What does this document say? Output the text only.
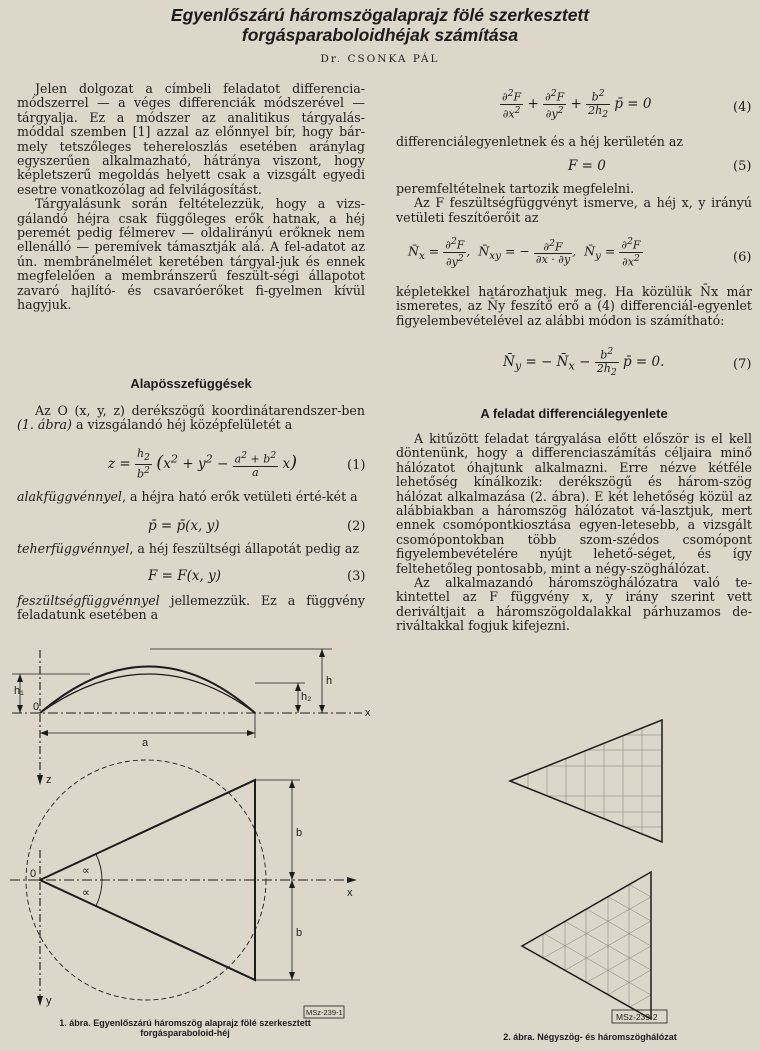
Egyenlőszárú háromszögalaprajz fölé szerkesztett
forgásparaboloidhéjak számítása
Dr. CSONKA PÁL

Jelen dolgozat a címbeli feladatot differencia-módszerrel — a véges differenciák módszerével — tárgyalja. Ez a módszer az analitikus tárgyalás-móddal szemben [1] azzal az előnnyel bír, hogy bár-mely tetszőleges tehereloszlás esetében aránylag egyszerűen alkalmazható, hátránya viszont, hogy képletszerű megoldás helyett csak a vizsgált egyedi esetre vonatkozólag ad felvilágosítást.

Tárgyalásunk során feltételezzük, hogy a vizs-gálandó héjra csak függőleges erők hatnak, a héj peremét pedig félmerev — oldalirányú erőknek nem ellenálló — peremívek támasztják alá. A fel-adatot az ún. membránelmélet keretében tárgyal-juk és ennek megfelelően a membránszerű feszült-ségi állapotot zavaró hajlító- és csavaróerőket fi-gyelmen kívül hagyjuk.

Alapösszefüggések

Az O (x, y, z) derékszögű koordinátarendszer-ben (1. ábra) a vizsgálandó héj középfelületét a

$z = \frac{h_2}{b^2} (x^2 + y^2 - \frac{a^2 + b^2}{a} x)$	(1)

alakfüggvénnyel, a héjra ható erők vetületi érté-két a

p̄ = p̄(x, y)	(2)

teherfüggvénnyel, a héj feszültségi állapotát pedig az

F = F(x, y)	(3)

feszültségfüggvénnyel jellemezzük. Ez a függvény feladatunk esetében a

$\frac{\partial^2F}{\partial x^2} + \frac{\partial^2F}{\partial y^2} + \frac{b^2}{2h_2}$ p̄ = 0	(4)
differenciálegyenletnek és a héj kerületén az
F = 0	(5)

peremfeltételnek tartozik megfelelni.

Az F feszültségfüggvényt ismerve, a héj x, y irányú vetületi feszítőerőit az

$N̄_x = \frac{\partial^2F}{\partial y^2}$ ,  $N̄_{xy}$ = − $\frac{\partial^2F}{\partial x \cdot \partial y}$ ,  $N̄_y = \frac{\partial^2F}{\partial x^2}$	(6)
képletekkel határozhatjuk meg. Ha közülük N̄x már ismeretes, az N̄y feszítő erő a (4) differenciál-egyenlet figyelembevételével az alábbi módon is számítható:
$N̄_y$ = − $N̄_x - \frac{b^2}{2h_2}$ p̄ = 0.	(7)
A feladat differenciálegyenlete

A kitűzött feladat tárgyalása előtt először is el kell döntenünk, hogy a differenciaszámítás céljaira minő hálózatot óhajtunk alkalmazni. Erre nézve kétféle lehetőség kínálkozik: derékszögű és három-szög hálózat alkalmazása (2. ábra). E két lehetőség közül az alábbiakban a háromszög hálózatot vá-lasztjuk, mert ennek csomópontkiosztása egyen-letesebb, a vizsgált csomópontokban több szom-szédos csomópont figyelembevételére nyújt lehető-séget, és így feltehetőleg pontosabb, mint a négy-szöghálózat.

Az alkalmazandó háromszöghálózatra való te-kintettel az F függvény x, y irány szerint vett deriváltjait a háromszögoldalakkal párhuzamos de-riváltakkal fogjuk kifejezni.

h₁
h
h₂
0	x
a
z
0
x
∝
∝
b
b
y
MSz-239-1
1. ábra. Egyenlőszárú háromszög alaprajz fölé szerkesztett
forgásparaboloid-héj
MSz-239-2
2. ábra. Négyszög- és háromszöghálózat
